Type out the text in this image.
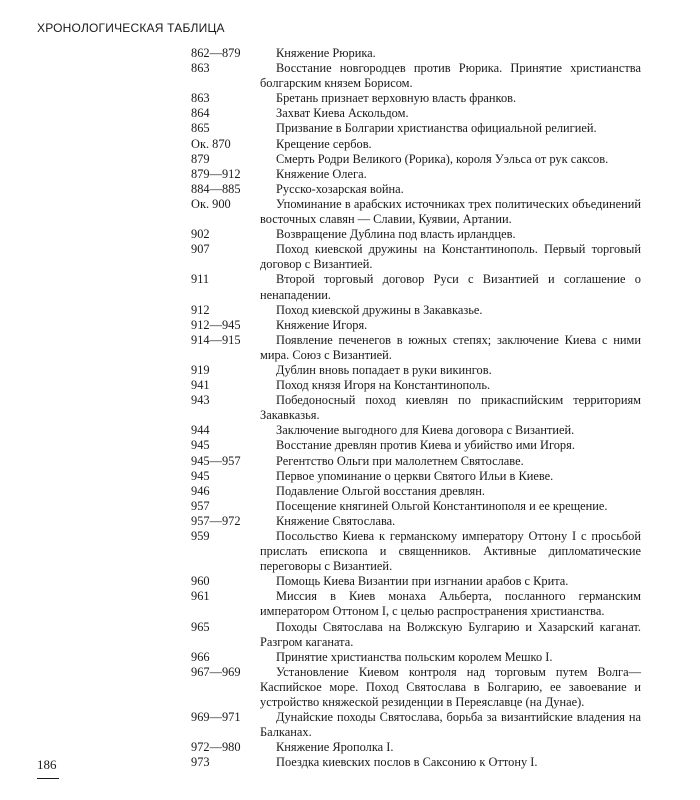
ХРОНОЛОГИЧЕСКАЯ ТАБЛИЦА
862—879	Княжение Рюрика.
863	Восстание новгородцев против Рюрика. Принятие христианства болгарским князем Борисом.
863	Бретань признает верховную власть франков.
864	Захват Киева Аскольдом.
865	Призвание в Болгарии христианства официальной религией.
Ок. 870	Крещение сербов.
879	Смерть Родри Великого (Рорика), короля Уэльса от рук саксов.
879—912	Княжение Олега.
884—885	Русско-хозарская война.
Ок. 900	Упоминание в арабских источниках трех политических объединений восточных славян — Славии, Куявии, Артании.
902	Возвращение Дублина под власть ирландцев.
907	Поход киевской дружины на Константинополь. Первый торговый договор с Византией.
911	Второй торговый договор Руси с Византией и соглашение о ненападении.
912	Поход киевской дружины в Закавказье.
912—945	Княжение Игоря.
914—915	Появление печенегов в южных степях; заключение Киева с ними мира. Союз с Византией.
919	Дублин вновь попадает в руки викингов.
941	Поход князя Игоря на Константинополь.
943	Победоносный поход киевлян по прикаспийским территориям Закавказья.
944	Заключение выгодного для Киева договора с Византией.
945	Восстание древлян против Киева и убийство ими Игоря.
945—957	Регентство Ольги при малолетнем Святославе.
945	Первое упоминание о церкви Святого Ильи в Киеве.
946	Подавление Ольгой восстания древлян.
957	Посещение княгиней Ольгой Константинополя и ее крещение.
957—972	Княжение Святослава.
959	Посольство Киева к германскому императору Оттону I с просьбой прислать епископа и священников. Активные дипломатические переговоры с Византией.
960	Помощь Киева Византии при изгнании арабов с Крита.
961	Миссия в Киев монаха Альберта, посланного германским императором Оттоном I, с целью распространения христианства.
965	Походы Святослава на Волжскую Булгарию и Хазарский каганат. Разгром каганата.
966	Принятие христианства польским королем Мешко I.
967—969	Установление Киевом контроля над торговым путем Волга—Каспийское море. Поход Святослава в Болгарию, ее завоевание и устройство княжеской резиденции в Переяславце (на Дунае).
969—971	Дунайские походы Святослава, борьба за византийские владения на Балканах.
972—980	Княжение Ярополка I.
973	Поездка киевских послов в Саксонию к Оттону I.
186
